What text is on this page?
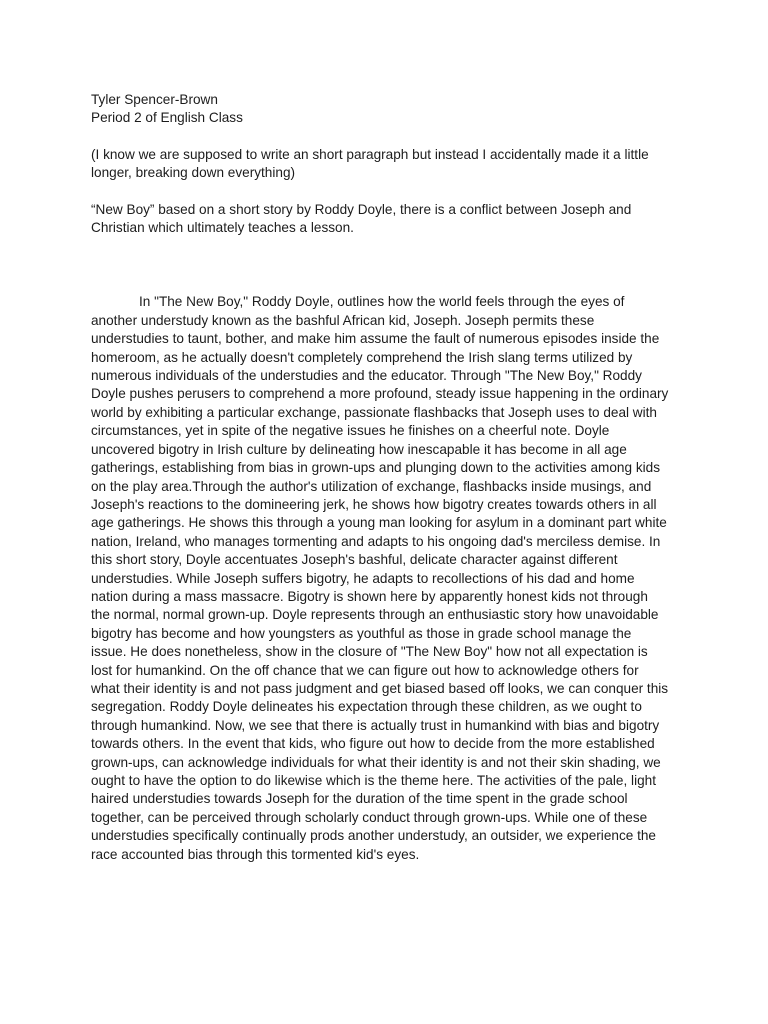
Tyler Spencer-Brown

Period 2 of English Class

(I know we are supposed to write an short paragraph but instead I accidentally made it a little

longer, breaking down everything)

“New Boy” based on a short story by Roddy Doyle, there is a conflict between Joseph and

Christian which ultimately teaches a lesson.

In "The New Boy," Roddy Doyle, outlines how the world feels through the eyes of

another understudy known as the bashful African kid, Joseph. Joseph permits these

understudies to taunt, bother, and make him assume the fault of numerous episodes inside the

homeroom, as he actually doesn't completely comprehend the Irish slang terms utilized by

numerous individuals of the understudies and the educator. Through "The New Boy," Roddy

Doyle pushes perusers to comprehend a more profound, steady issue happening in the ordinary

world by exhibiting a particular exchange, passionate flashbacks that Joseph uses to deal with

circumstances, yet in spite of the negative issues he finishes on a cheerful note. Doyle

uncovered bigotry in Irish culture by delineating how inescapable it has become in all age

gatherings, establishing from bias in grown-ups and plunging down to the activities among kids

on the play area.Through the author's utilization of exchange, flashbacks inside musings, and

Joseph's reactions to the domineering jerk, he shows how bigotry creates towards others in all

age gatherings. He shows this through a young man looking for asylum in a dominant part white

nation, Ireland, who manages tormenting and adapts to his ongoing dad's merciless demise. In

this short story, Doyle accentuates Joseph's bashful, delicate character against different

understudies. While Joseph suffers bigotry, he adapts to recollections of his dad and home

nation during a mass massacre. Bigotry is shown here by apparently honest kids not through

the normal, normal grown-up. Doyle represents through an enthusiastic story how unavoidable

bigotry has become and how youngsters as youthful as those in grade school manage the

issue. He does nonetheless, show in the closure of "The New Boy" how not all expectation is

lost for humankind. On the off chance that we can figure out how to acknowledge others for

what their identity is and not pass judgment and get biased based off looks, we can conquer this

segregation. Roddy Doyle delineates his expectation through these children, as we ought to

through humankind. Now, we see that there is actually trust in humankind with bias and bigotry

towards others. In the event that kids, who figure out how to decide from the more established

grown-ups, can acknowledge individuals for what their identity is and not their skin shading, we

ought to have the option to do likewise which is the theme here. The activities of the pale, light

haired understudies towards Joseph for the duration of the time spent in the grade school

together, can be perceived through scholarly conduct through grown-ups. While one of these

understudies specifically continually prods another understudy, an outsider, we experience the

race accounted bias through this tormented kid's eyes.
